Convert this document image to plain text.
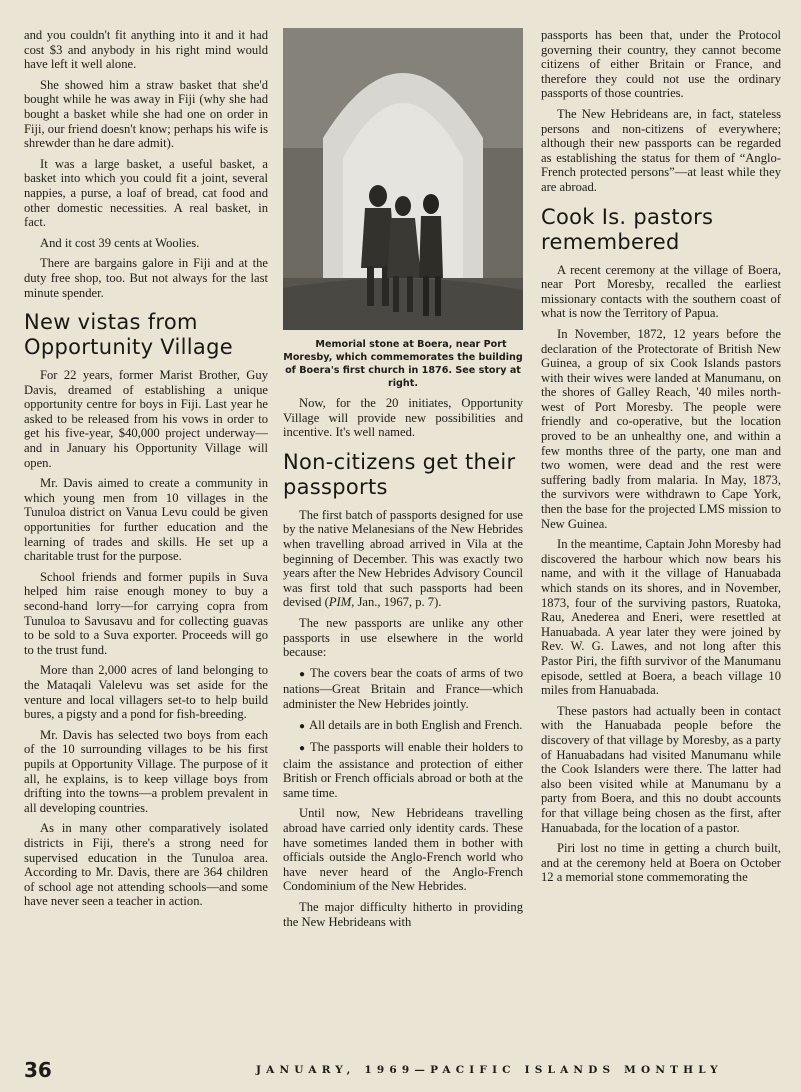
and you couldn't fit anything into it and it had cost $3 and anybody in his right mind would have left it well alone.

She showed him a straw basket that she'd bought while he was away in Fiji (why she had bought a basket while she had one on order in Fiji, our friend doesn't know; perhaps his wife is shrewder than he dare admit).

It was a large basket, a useful basket, a basket into which you could fit a joint, several nappies, a purse, a loaf of bread, cat food and other domestic necessities. A real basket, in fact.

And it cost 39 cents at Woolies.

There are bargains galore in Fiji and at the duty free shop, too. But not always for the last minute spender.

New vistas from Opportunity Village

For 22 years, former Marist Brother, Guy Davis, dreamed of establishing a unique opportunity centre for boys in Fiji. Last year he asked to be released from his vows in order to get his five-year, $40,000 project underway—and in January his Opportunity Village will open.

Mr. Davis aimed to create a community in which young men from 10 villages in the Tunuloa district on Vanua Levu could be given opportunities for further education and the learning of trades and skills. He set up a charitable trust for the purpose.

School friends and former pupils in Suva helped him raise enough money to buy a second-hand lorry—for carrying copra from Tunuloa to Savusavu and for collecting guavas to be sold to a Suva exporter. Proceeds will go to the trust fund.

More than 2,000 acres of land belonging to the Mataqali Valelevu was set aside for the venture and local villagers set-to to help build bures, a pigsty and a pond for fish-breeding.

Mr. Davis has selected two boys from each of the 10 surrounding villages to be his first pupils at Opportunity Village. The purpose of it all, he explains, is to keep village boys from drifting into the towns—a problem prevalent in all developing countries.

As in many other comparatively isolated districts in Fiji, there's a strong need for supervised education in the Tunuloa area. According to Mr. Davis, there are 364 children of school age not attending schools—and some have never seen a teacher in action.

Memorial stone at Boera, near Port Moresby, which commemorates the building of Boera's first church in 1876. See story at right.

Now, for the 20 initiates, Opportunity Village will provide new possibilities and incentive. It's well named.

Non-citizens get their passports

The first batch of passports designed for use by the native Melanesians of the New Hebrides when travelling abroad arrived in Vila at the beginning of December. This was exactly two years after the New Hebrides Advisory Council was first told that such passports had been devised (PIM, Jan., 1967, p. 7).

The new passports are unlike any other passports in use elsewhere in the world because:

● The covers bear the coats of arms of two nations—Great Britain and France—which administer the New Hebrides jointly.

● All details are in both English and French.

● The passports will enable their holders to claim the assistance and protection of either British or French officials abroad or both at the same time.

Until now, New Hebrideans travelling abroad have carried only identity cards. These have sometimes landed them in bother with officials outside the Anglo-French world who have never heard of the Anglo-French Condominium of the New Hebrides.

The major difficulty hitherto in providing the New Hebrideans with

passports has been that, under the Protocol governing their country, they cannot become citizens of either Britain or France, and therefore they could not use the ordinary passports of those countries.

The New Hebrideans are, in fact, stateless persons and non-citizens of everywhere; although their new passports can be regarded as establishing the status for them of “Anglo-French protected persons”—at least while they are abroad.

Cook Is. pastors remembered

A recent ceremony at the village of Boera, near Port Moresby, recalled the earliest missionary contacts with the southern coast of what is now the Territory of Papua.

In November, 1872, 12 years before the declaration of the Protectorate of British New Guinea, a group of six Cook Islands pastors with their wives were landed at Manumanu, on the shores of Galley Reach, '40 miles north-west of Port Moresby. The people were friendly and co-operative, but the location proved to be an unhealthy one, and within a few months three of the party, one man and two women, were dead and the rest were suffering badly from malaria. In May, 1873, the survivors were withdrawn to Cape York, then the base for the projected LMS mission to New Guinea.

In the meantime, Captain John Moresby had discovered the harbour which now bears his name, and with it the village of Hanuabada which stands on its shores, and in November, 1873, four of the surviving pastors, Ruatoka, Rau, Anederea and Eneri, were resettled at Hanuabada. A year later they were joined by Rev. W. G. Lawes, and not long after this Pastor Piri, the fifth survivor of the Manumanu episode, settled at Boera, a beach village 10 miles from Hanuabada.

These pastors had actually been in contact with the Hanuabada people before the discovery of that village by Moresby, as a party of Hanuabadans had visited Manumanu while the Cook Islanders were there. The latter had also been visited while at Manumanu by a party from Boera, and this no doubt accounts for that village being chosen as the first, after Hanuabada, for the location of a pastor.

Piri lost no time in getting a church built, and at the ceremony held at Boera on October 12 a memorial stone commemorating the

36	JANUARY, 1969—PACIFIC ISLANDS MONTHLY
